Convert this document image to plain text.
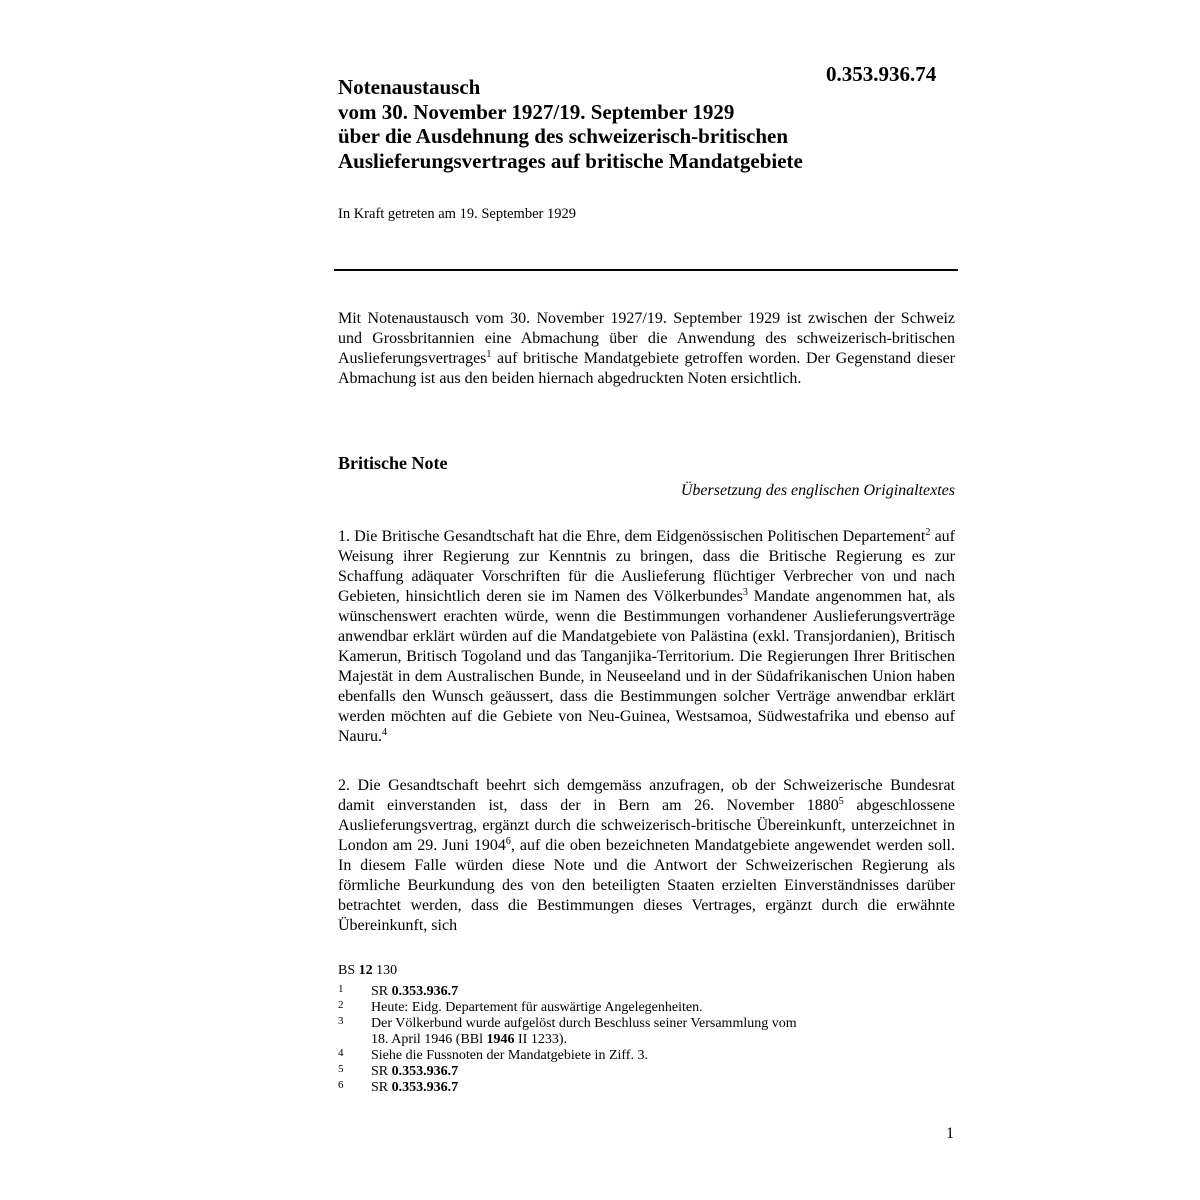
0.353.936.74
Notenaustausch
vom 30. November 1927/19. September 1929
über die Ausdehnung des schweizerisch-britischen
Auslieferungsvertrages auf britische Mandatgebiete
In Kraft getreten am 19. September 1929
Mit Notenaustausch vom 30. November 1927/19. September 1929 ist zwischen der Schweiz und Grossbritannien eine Abmachung über die Anwendung des schweizerisch-britischen Auslieferungsvertrages$^1$ auf britische Mandatgebiete getroffen worden. Der Gegenstand dieser Abmachung ist aus den beiden hiernach abgedruckten Noten ersichtlich.
Britische Note
Übersetzung des englischen Originaltextes
1. Die Britische Gesandtschaft hat die Ehre, dem Eidgenössischen Politischen Departement$^2$ auf Weisung ihrer Regierung zur Kenntnis zu bringen, dass die Britische Regierung es zur Schaffung adäquater Vorschriften für die Auslieferung flüchtiger Verbrecher von und nach Gebieten, hinsichtlich deren sie im Namen des Völkerbundes$^3$ Mandate angenommen hat, als wünschenswert erachten würde, wenn die Bestimmungen vorhandener Auslieferungsverträge anwendbar erklärt würden auf die Mandatgebiete von Palästina (exkl. Transjordanien), Britisch Kamerun, Britisch Togoland und das Tanganjika-Territorium. Die Regierungen Ihrer Britischen Majestät in dem Australischen Bunde, in Neuseeland und in der Südafrikanischen Union haben ebenfalls den Wunsch geäussert, dass die Bestimmungen solcher Verträge anwendbar erklärt werden möchten auf die Gebiete von Neu-Guinea, Westsamoa, Südwestafrika und ebenso auf Nauru.$^4$
2. Die Gesandtschaft beehrt sich demgemäss anzufragen, ob der Schweizerische Bundesrat damit einverstanden ist, dass der in Bern am 26. November 1880$^5$ abgeschlossene Auslieferungsvertrag, ergänzt durch die schweizerisch-britische Übereinkunft, unterzeichnet in London am 29. Juni 1904$^6$, auf die oben bezeichneten Mandatgebiete angewendet werden soll. In diesem Falle würden diese Note und die Antwort der Schweizerischen Regierung als förmliche Beurkundung des von den beteiligten Staaten erzielten Einverständnisses darüber betrachtet werden, dass die Bestimmungen dieses Vertrages, ergänzt durch die erwähnte Übereinkunft, sich
BS 12 130
1 SR 0.353.936.7
2 Heute: Eidg. Departement für auswärtige Angelegenheiten.
3 Der Völkerbund wurde aufgelöst durch Beschluss seiner Versammlung vom
18. April 1946 (BBl 1946 II 1233).
4 Siehe die Fussnoten der Mandatgebiete in Ziff. 3.
5 SR 0.353.936.7
6 SR 0.353.936.7
1
